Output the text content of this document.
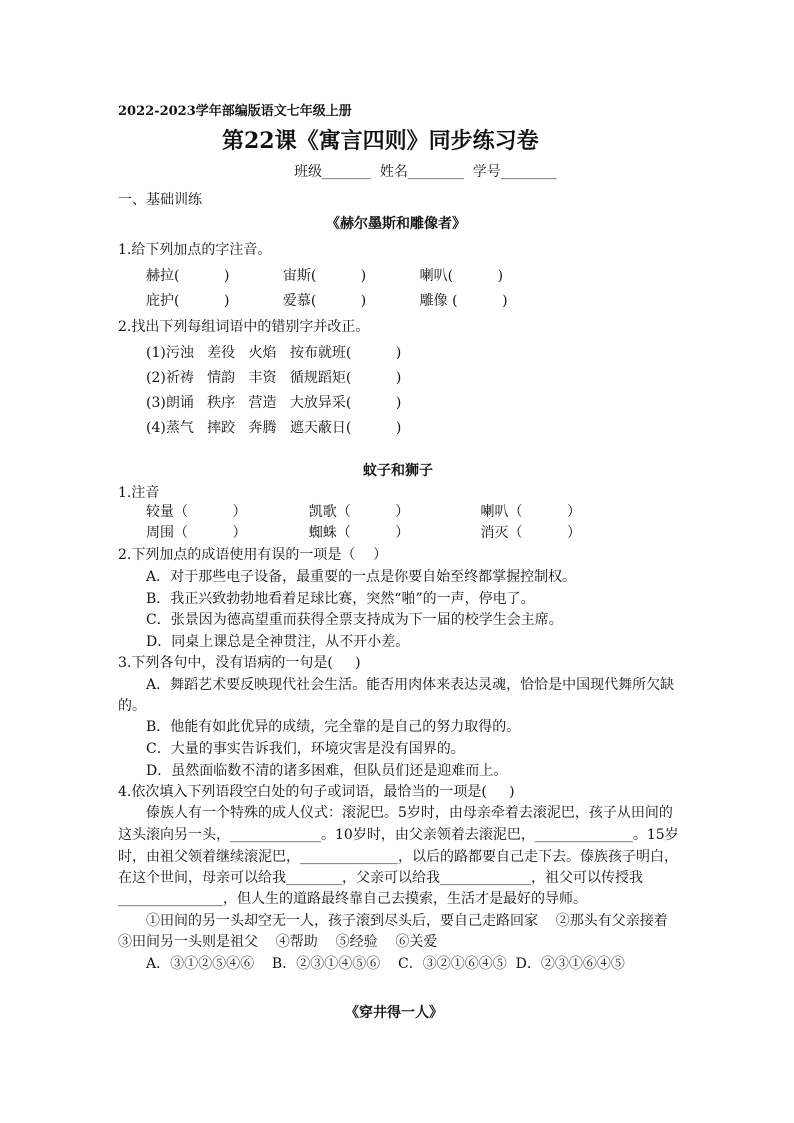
2022-2023学年部编版语文七年级上册
第22课《寓言四则》同步练习卷
班级_______  姓名________  学号________
一、基础训练
《赫尔墨斯和雕像者》
1.给下列加点的字注音。
赫拉(          )            宙斯(          )            喇叭(          )
庇护(          )            爱慕(          )            雕像 (          )
2.找出下列每组词语中的错别字并改正。
(1)污浊   差役   火焰   按布就班(          )
(2)祈祷   情韵   丰资   循规蹈矩(          )
(3)朗诵   秩序   营造   大放异采(          )
(4)蒸气   摔跤   奔腾   遮天蔽日(          )
蚊子和狮子
1.注音
较量（          ）              凯歌（          ）                喇叭（          ）
周围（          ）              蜘蛛（          ）                消灭（          ）
2.下列加点的成语使用有误的一项是（    ）
A．对于那些电子设备，最重要的一点是你要自始至终都掌握控制权。
B．我正兴致勃勃地看着足球比赛，突然“啪”的一声，停电了。
C．张景因为德高望重而获得全票支持成为下一届的校学生会主席。
D．同桌上课总是全神贯注，从不开小差。
3.下列各句中，没有语病的一句是(     )
A．舞蹈艺术要反映现代社会生活。能否用肉体来表达灵魂，恰恰是中国现代舞所欠缺
的。
B．他能有如此优异的成绩，完全靠的是自己的努力取得的。
C．大量的事实告诉我们，环境灾害是没有国界的。
D．虽然面临数不清的诸多困难，但队员们还是迎难而上。
4.依次填入下列语段空白处的句子或词语，最恰当的一项是(     )
傣族人有一个特殊的成人仪式：滚泥巴。5岁时，由母亲牵着去滚泥巴，孩子从田间的
这头滚向另一头，_____________。10岁时，由父亲领着去滚泥巴，______________。15岁
时，由祖父领着继续滚泥巴，______________，以后的路都要自己走下去。傣族孩子明白，
在这个世间，母亲可以给我________，父亲可以给我_____________，祖父可以传授我
_______________，但人生的道路最终靠自己去摸索，生活才是最好的导师。
①田间的另一头却空无一人，孩子滚到尽头后，要自己走路回家    ②那头有父亲接着
③田间另一头则是祖父    ④帮助    ⑤经验    ⑥关爱
A．③①②⑤④⑥    B．②③①④⑤⑥    C．③②①⑥④⑤  D．②③①⑥④⑤
《穿井得一人》
